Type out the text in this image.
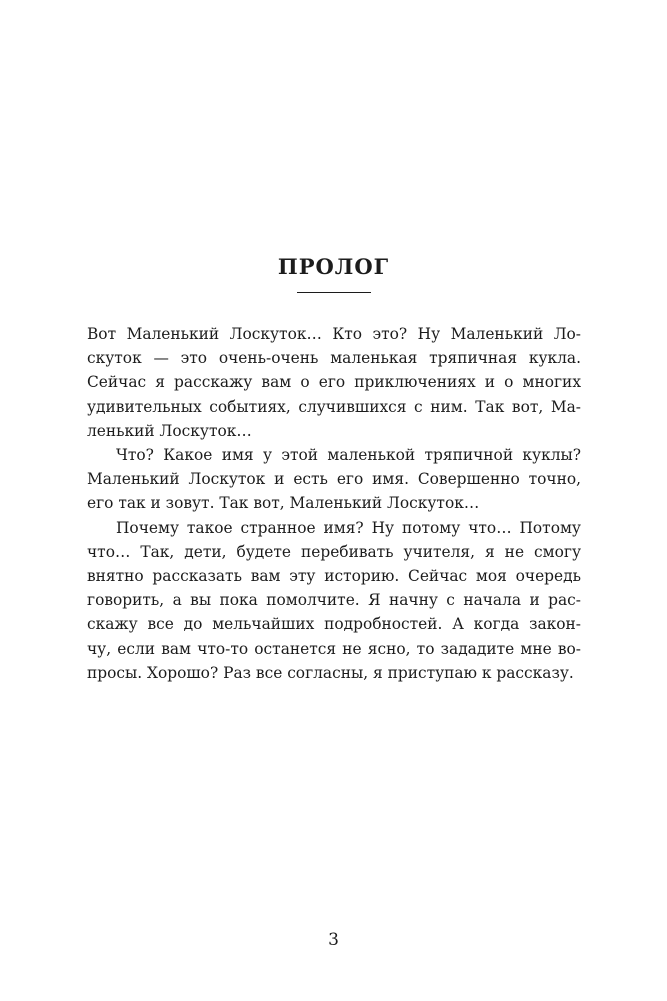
ПРОЛОГ
Вот Маленький Лоскуток… Кто это? Ну Маленький Ло-
скуток — это очень-очень маленькая тряпичная кукла.
Сейчас я расскажу вам о его приключениях и о многих
удивительных событиях, случившихся с ним. Так вот, Ма-
ленький Лоскуток…
Что? Какое имя у этой маленькой тряпичной куклы?
Маленький Лоскуток и есть его имя. Совершенно точно,
его так и зовут. Так вот, Маленький Лоскуток…
Почему такое странное имя? Ну потому что… Потому
что… Так, дети, будете перебивать учителя, я не смогу
внятно рассказать вам эту историю. Сейчас моя очередь
говорить, а вы пока помолчите. Я начну с начала и рас-
скажу все до мельчайших подробностей. А когда закон-
чу, если вам что-то останется не ясно, то зададите мне во-
просы. Хорошо? Раз все согласны, я приступаю к рассказу.
3
